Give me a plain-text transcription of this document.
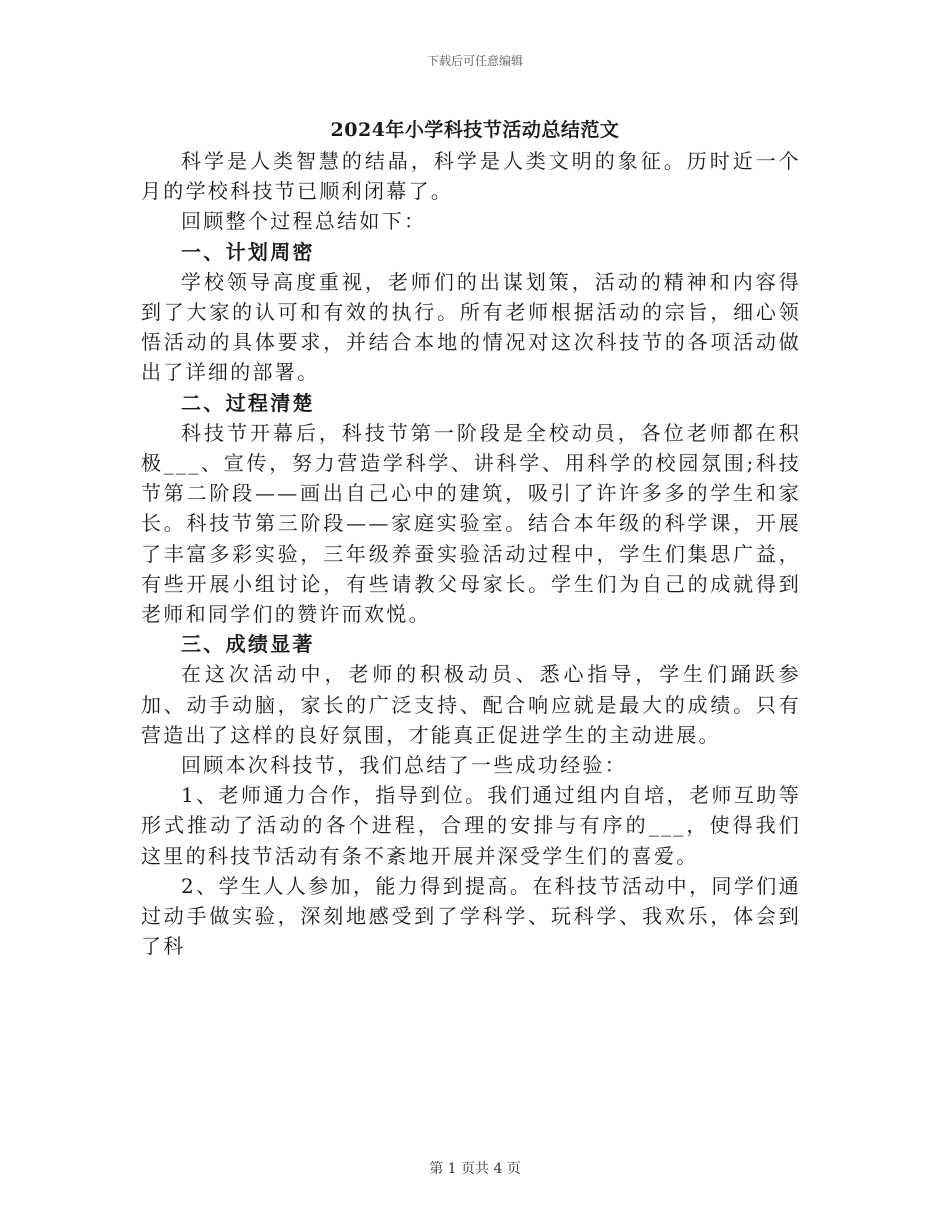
下载后可任意编辑
2024年小学科技节活动总结范文

科学是人类智慧的结晶，科学是人类文明的象征。历时近一个月的学校科技节已顺利闭幕了。

回顾整个过程总结如下：

一、计划周密

学校领导高度重视，老师们的出谋划策，活动的精神和内容得到了大家的认可和有效的执行。所有老师根据活动的宗旨，细心领悟活动的具体要求，并结合本地的情况对这次科技节的各项活动做出了详细的部署。

二、过程清楚

科技节开幕后，科技节第一阶段是全校动员，各位老师都在积极___、宣传，努力营造学科学、讲科学、用科学的校园氛围;科技节第二阶段——画出自己心中的建筑，吸引了许许多多的学生和家长。科技节第三阶段——家庭实验室。结合本年级的科学课，开展了丰富多彩实验，三年级养蚕实验活动过程中，学生们集思广益，有些开展小组讨论，有些请教父母家长。学生们为自己的成就得到老师和同学们的赞许而欢悦。

三、成绩显著

在这次活动中，老师的积极动员、悉心指导，学生们踊跃参加、动手动脑，家长的广泛支持、配合响应就是最大的成绩。只有营造出了这样的良好氛围，才能真正促进学生的主动进展。

回顾本次科技节，我们总结了一些成功经验：

1、老师通力合作，指导到位。我们通过组内自培，老师互助等形式推动了活动的各个进程，合理的安排与有序的___，使得我们这里的科技节活动有条不紊地开展并深受学生们的喜爱。

2、学生人人参加，能力得到提高。在科技节活动中，同学们通过动手做实验，深刻地感受到了学科学、玩科学、我欢乐，体会到了科

第 1 页共 4 页
